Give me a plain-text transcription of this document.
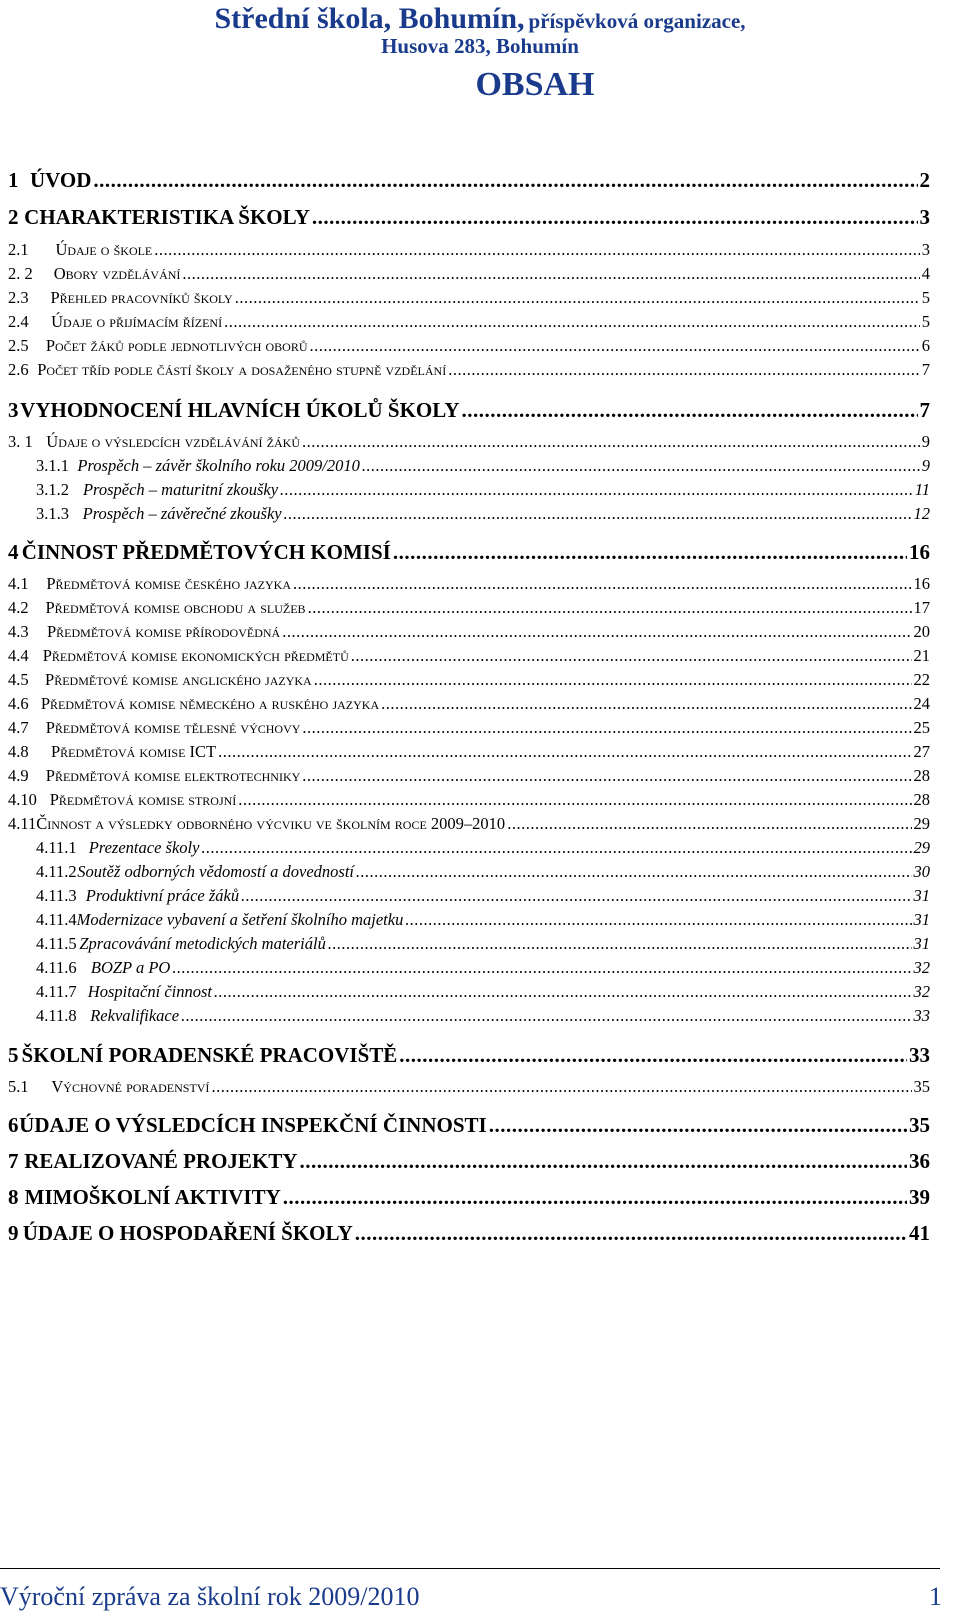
Střední škola, Bohumín, příspěvková organizace,
Husova 283, Bohumín
OBSAH
1 ÚVOD .....	2
2 CHARAKTERISTIKA ŠKOLY .....	3
2.1	Údaje o škole .....	3
2. 2	Obory vzdělávání .....	4
2.3	Přehled pracovníků školy .....	5
2.4	Údaje o přijímacím řízení .....	5
2.5	Počet žáků podle jednotlivých oborů .....	6
2.6 Počet tříd podle částí školy a dosaženého stupně vzdělání .....	7
3 VYHODNOCENÍ HLAVNÍCH ÚKOLŮ ŠKOLY .....	7
3. 1 Údaje o výsledcích vzdělávání žáků .....	9
3.1.1 Prospěch – závěr školního roku 2009/2010 .....	9
3.1.2 Prospěch – maturitní zkoušky .....	11
3.1.3 Prospěch – závěrečné zkoušky .....	12
4 ČINNOST PŘEDMĚTOVÝCH KOMISÍ .....	16
4.1	Předmětová komise českého jazyka .....	16
4.2	Předmětová komise obchodu a služeb .....	17
4.3	Předmětová komise přírodovědná .....	20
4.4 Předmětová komise ekonomických předmětů .....	21
4.5 Předmětové komise anglického jazyka .....	22
4.6 Předmětová komise německého a ruského jazyka .....	24
4.7	Předmětová komise tělesné výchovy .....	25
4.8	Předmětová komise ICT .....	27
4.9	Předmětová komise elektrotechniky .....	28
4.10 Předmětová komise strojní .....	28
4.11 Činnost a výsledky odborného výcviku ve školním roce 2009–2010 .....	29
4.11.1 Prezentace školy .....	29
4.11.2 Soutěž odborných vědomostí a dovedností .....	30
4.11.3 Produktivní práce žáků .....	31
4.11.4 Modernizace vybavení a šetření školního majetku .....	31
4.11.5 Zpracovávání metodických materiálů .....	31
4.11.6 BOZP a PO .....	32
4.11.7 Hospitační činnost .....	32
4.11.8 Rekvalifikace .....	33
5 ŠKOLNÍ PORADENSKÉ PRACOVIŠTĚ .....	33
5.1	Výchovné poradenství .....	35
6 ÚDAJE O VÝSLEDCÍCH INSPEKČNÍ ČINNOSTI .....	35
7 REALIZOVANÉ PROJEKTY .....	36
8 MIMOŠKOLNÍ AKTIVITY .....	39
9 ÚDAJE O HOSPODAŘENÍ ŠKOLY .....	41
Výroční zpráva za školní rok 2009/2010	1
